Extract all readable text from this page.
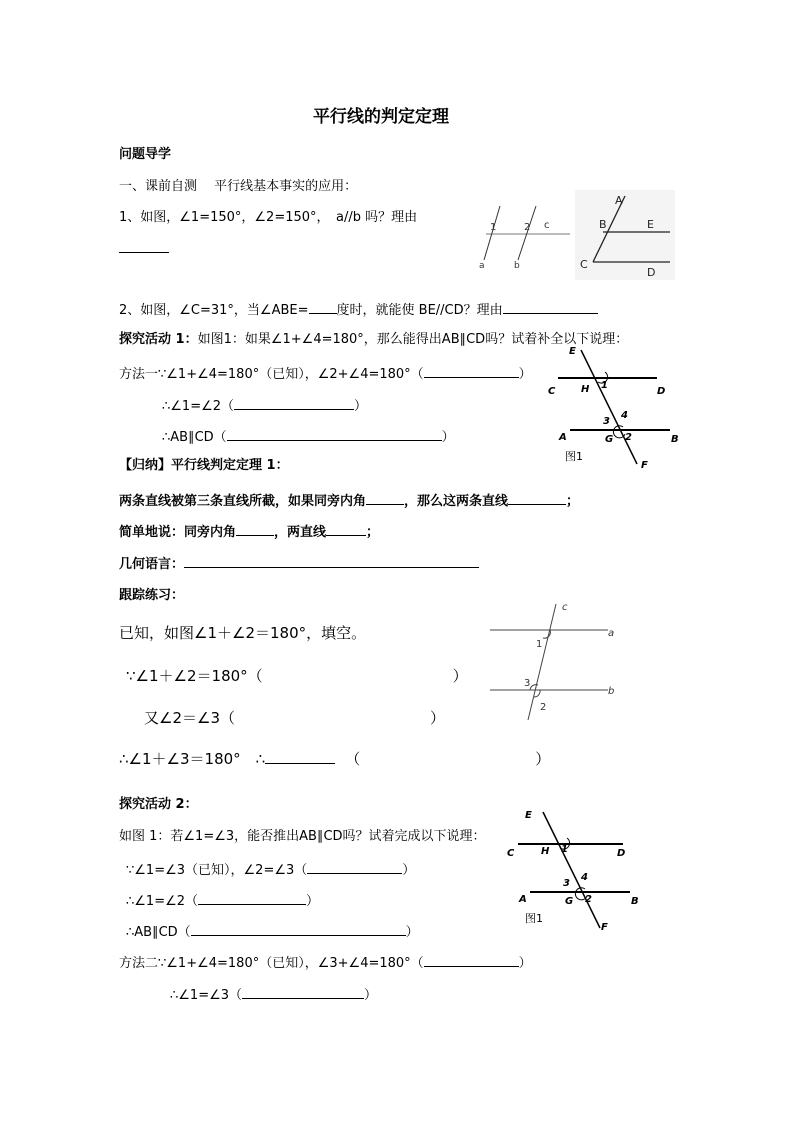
平行线的判定定理
问题导学
一、课前自测　 平行线基本事实的应用：
1、如图，∠1=150°，∠2=150°，　a//b 吗？理由
1	2 c
a	b
A
B	E
C
D
2、如图，∠C=31°，当∠ABE= 度时，就能使 BE//CD？理由
探究活动 1：如图1：如果∠1+∠4=180°，那么能得出AB∥CD吗？试着补全以下说理：
方法一∵∠1+∠4=180°（已知），∠2+∠4=180°（	）
∴∠1=∠2（	）
∴AB∥CD（	）
E
C	H 1
D
3
4
A	G 2	B
图1
F
【归纳】平行线判定定理 1：
两条直线被第三条直线所截，如果同旁内角	，那么这两条直线	；
简单地说：同旁内角	，两直线	；
几何语言：
跟踪练习：
已知，如图∠1＋∠2＝180°，填空。
∵∠1＋∠2＝180°（	）
又∠2＝∠3（	）
∴∠1＋∠3＝180°　∴	（	）
c
a
b
1
3
2
探究活动 2：
如图 1：若∠1=∠3，能否推出AB∥CD吗？试着完成以下说理：
∵∠1=∠3（已知），∠2=∠3（	）
∴∠1=∠2（	）
∴AB∥CD（	）
方法二∵∠1+∠4=180°（已知），∠3+∠4=180°（	）
∴∠1=∠3（	）
E
C	H 1	D
3
4
A	G 2	B
图1
F
